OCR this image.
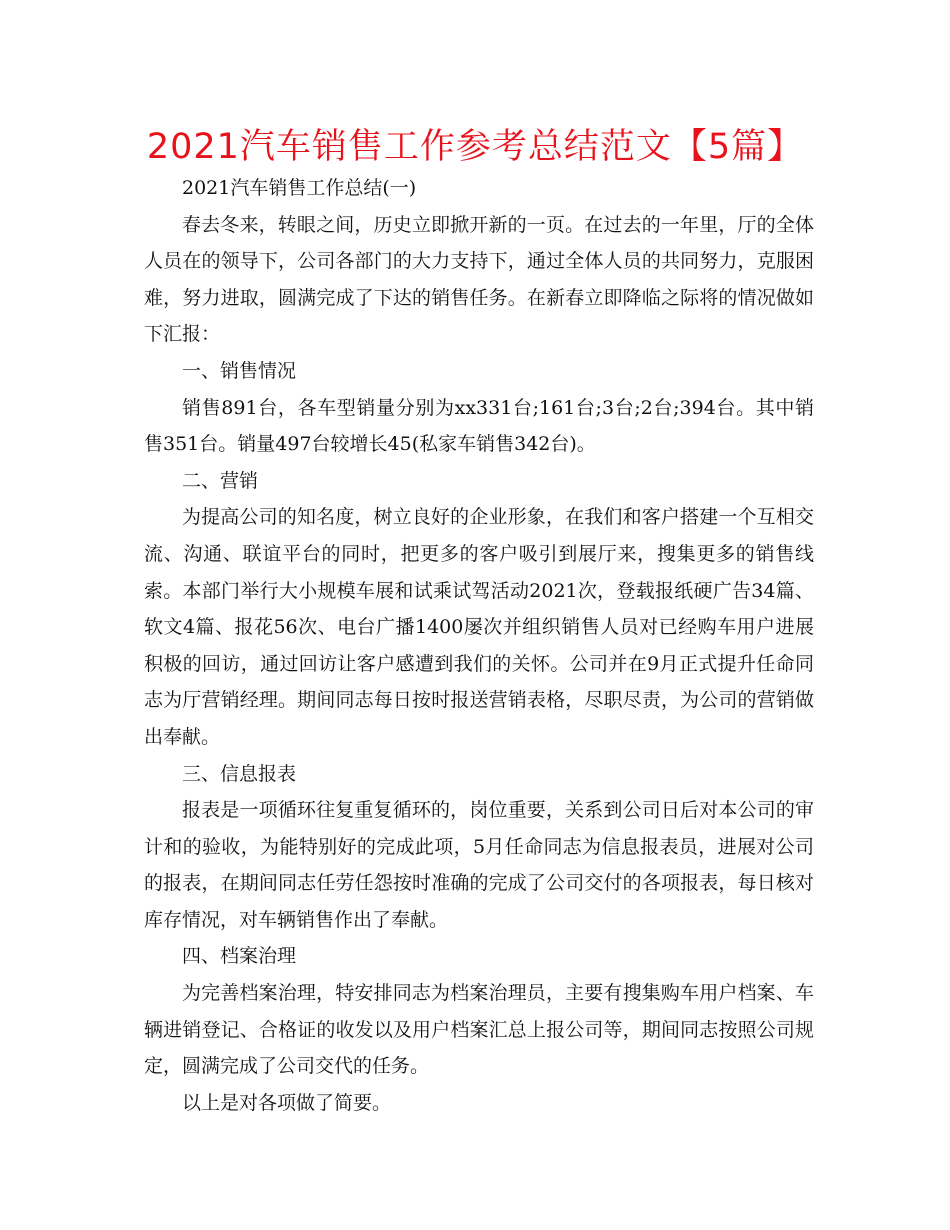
2021汽车销售工作参考总结范文【5篇】

2021汽车销售工作总结(一)

春去冬来，转眼之间，历史立即掀开新的一页。在过去的一年里，厅的全体人员在的领导下，公司各部门的大力支持下，通过全体人员的共同努力，克服困难，努力进取，圆满完成了下达的销售任务。在新春立即降临之际将的情况做如下汇报：

一、销售情况

销售891台，各车型销量分别为xx331台;161台;3台;2台;394台。其中销售351台。销量497台较增长45(私家车销售342台)。

二、营销

为提高公司的知名度，树立良好的企业形象，在我们和客户搭建一个互相交流、沟通、联谊平台的同时，把更多的客户吸引到展厅来，搜集更多的销售线索。本部门举行大小规模车展和试乘试驾活动2021次，登载报纸硬广告34篇、软文4篇、报花56次、电台广播1400屡次并组织销售人员对已经购车用户进展积极的回访，通过回访让客户感遭到我们的关怀。公司并在9月正式提升任命同志为厅营销经理。期间同志每日按时报送营销表格，尽职尽责，为公司的营销做出奉献。

三、信息报表

报表是一项循环往复重复循环的，岗位重要，关系到公司日后对本公司的审计和的验收，为能特别好的完成此项，5月任命同志为信息报表员，进展对公司的报表，在期间同志任劳任怨按时准确的完成了公司交付的各项报表，每日核对库存情况，对车辆销售作出了奉献。

四、档案治理

为完善档案治理，特安排同志为档案治理员，主要有搜集购车用户档案、车辆进销登记、合格证的收发以及用户档案汇总上报公司等，期间同志按照公司规定，圆满完成了公司交代的任务。

以上是对各项做了简要。
